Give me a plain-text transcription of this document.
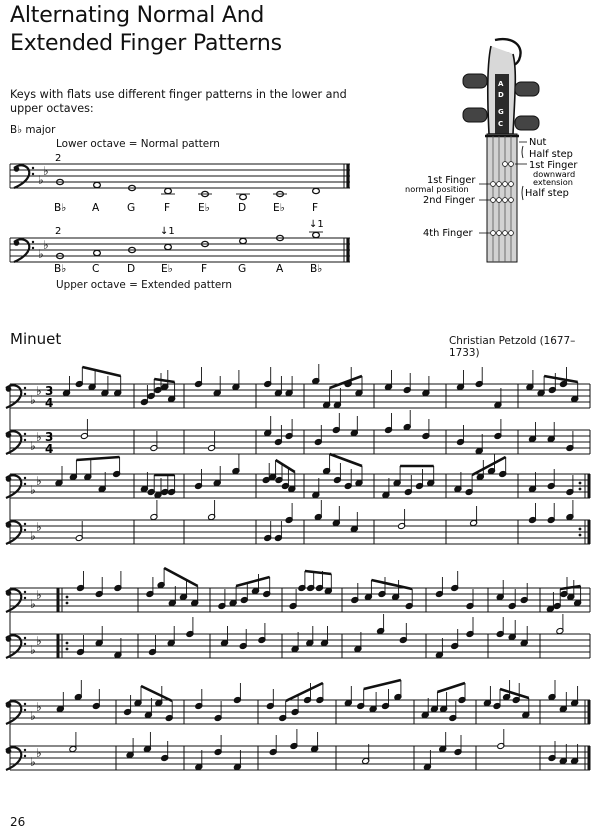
Alternating Normal And
Extended Finger Patterns
Keys with flats use different finger patterns in the lower and
upper octaves:
B♭ major
Lower octave = Normal pattern
Upper octave = Extended pattern
♭
♭
2
B♭ A	G	F	E♭	D	E♭	F
♭
♭
2	↓1
↓1
B♭ C	D E♭	F	G	A	B♭
A
D
G
C
Nut
Half step
1st Finger
downward
extension
1st Finger
normal position
2nd Finger
Half step
4th Finger
Minuet	Christian Petzold (1677–1733)
♭
♭ 3
4
♭
♭ 3
4
♭
♭
♭
♭
♭
♭
♭
♭
♭
♭
♭
♭
26
